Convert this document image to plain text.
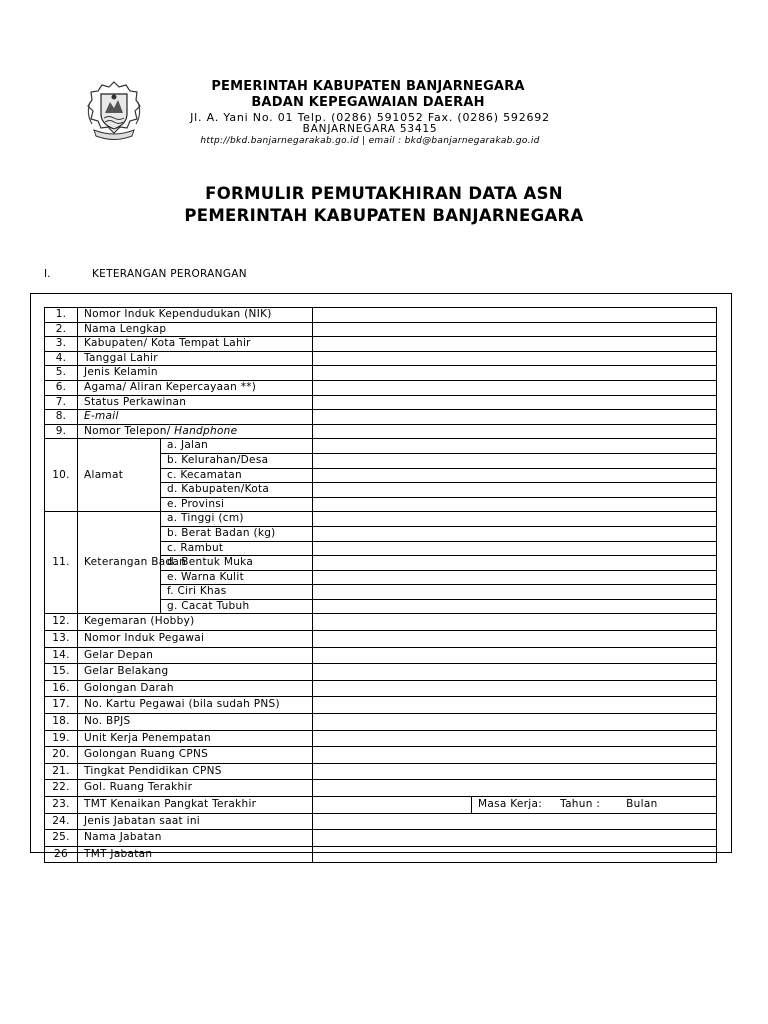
PEMERINTAH KABUPATEN BANJARNEGARA
BADAN KEPEGAWAIAN DAERAH
Jl. A. Yani No. 01 Telp. (0286) 591052 Fax. (0286) 592692
BANJARNEGARA 53415
http://bkd.banjarnegarakab.go.id | email : bkd@banjarnegarakab.go.id
FORMULIR PEMUTAKHIRAN DATA ASN
PEMERINTAH KABUPATEN BANJARNEGARA
I.	KETERANGAN PERORANGAN
1.	Nomor Induk Kependudukan (NIK)			
2.	Nama Lengkap			
3.	Kabupaten/ Kota Tempat Lahir			
4.	Tanggal Lahir			
5.	Jenis Kelamin			
6.	Agama/ Aliran Kepercayaan **)			
7.	Status Perkawinan			
8.	E-mail			
9.	Nomor Telepon/ Handphone			
10.	Alamat	a. Jalan		
		b. Kelurahan/Desa		
		c. Kecamatan		
		d. Kabupaten/Kota		
		e. Provinsi		
11.	Keterangan Badan	a. Tinggi (cm)		
		b. Berat Badan (kg)		
		c. Rambut		
		d. Bentuk Muka		
		e. Warna Kulit		
		f. Ciri Khas		
		g. Cacat Tubuh		
12.	Kegemaran (Hobby)			
13.	Nomor Induk Pegawai			
14.	Gelar Depan			
15.	Gelar Belakang			
16.	Golongan Darah			
17.	No. Kartu Pegawai (bila sudah PNS)			
18.	No. BPJS			
19.	Unit Kerja Penempatan			
20.	Golongan Ruang CPNS			
21.	Tingkat Pendidikan CPNS			
22.	Gol. Ruang Terakhir			
23.	TMT Kenaikan Pangkat Terakhir			Masa Kerja: Tahun : Bulan
24.	Jenis Jabatan saat ini			
25.	Nama Jabatan			
26	TMT Jabatan			
